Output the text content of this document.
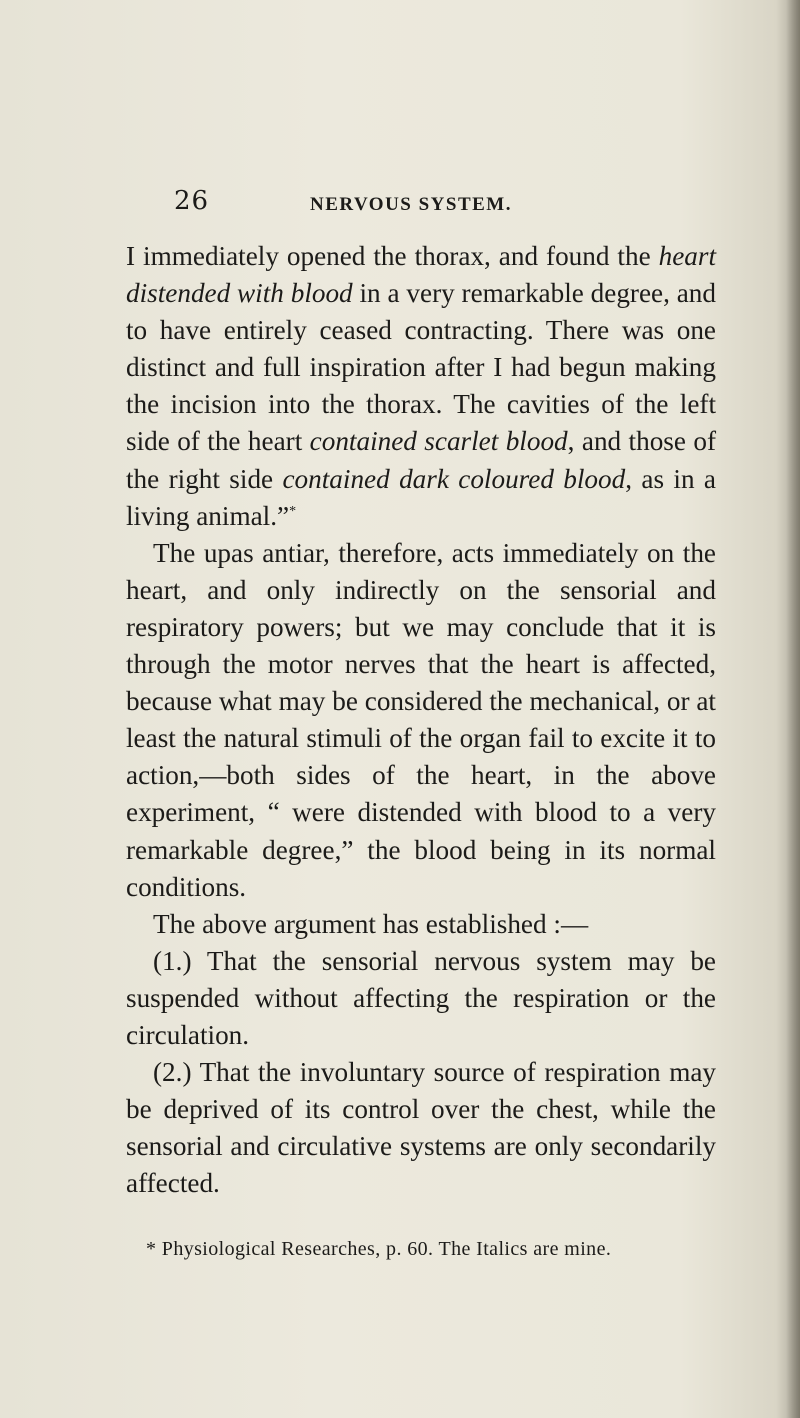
26	NERVOUS SYSTEM.

I immediately opened the thorax, and found the heart distended with blood in a very remarkable degree, and to have entirely ceased contracting. There was one distinct and full inspiration after I had begun making the incision into the thorax. The cavities of the left side of the heart contained scarlet blood, and those of the right side contained dark coloured blood, as in a living animal.”*

The upas antiar, therefore, acts immediately on the heart, and only indirectly on the sensorial and respiratory powers; but we may conclude that it is through the motor nerves that the heart is affected, because what may be considered the mechanical, or at least the natural stimuli of the organ fail to excite it to action,—both sides of the heart, in the above experiment, “ were distended with blood to a very remarkable degree,” the blood being in its normal conditions.

The above argument has established :—

(1.) That the sensorial nervous system may be suspended without affecting the respiration or the circulation.

(2.) That the involuntary source of respiration may be deprived of its control over the chest, while the sensorial and circulative systems are only secondarily affected.

* Physiological Researches, p. 60. The Italics are mine.
